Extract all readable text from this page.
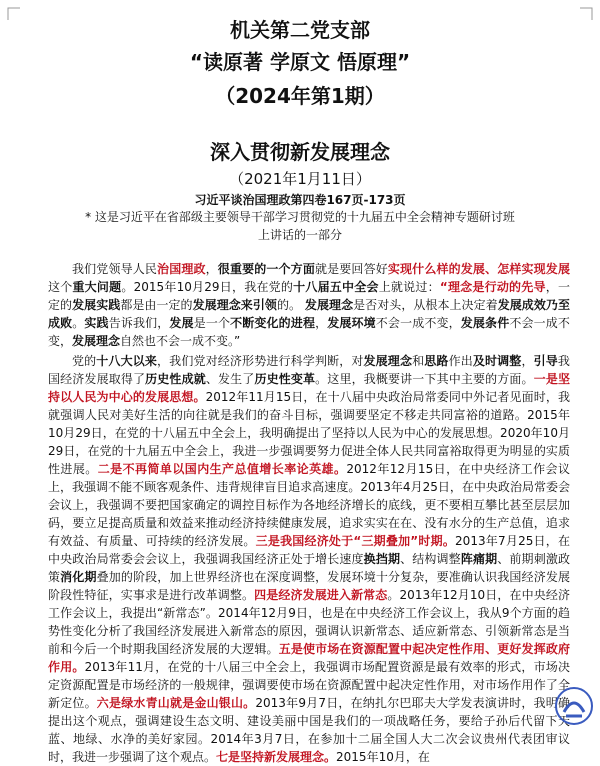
机关第二党支部
“读原著 学原文 悟原理”
（2024年第1期）
深入贯彻新发展理念
（2021年1月11日）
习近平谈治国理政第四卷167页-173页
* 这是习近平在省部级主要领导干部学习贯彻党的十九届五中全会精神专题研讨班上讲话的一部分

我们党领导人民治国理政，很重要的一个方面就是要回答好实现什么样的发展、怎样实现发展这个重大问题。2015年10月29日，我在党的十八届五中全会上就说过：“理念是行动的先导，一定的发展实践都是由一定的发展理念来引领的。 发展理念是否对头，从根本上决定着发展成效乃至成败。实践告诉我们，发展是一个不断变化的进程，发展环境不会一成不变，发展条件不会一成不变，发展理念自然也不会一成不变。”

党的十八大以来，我们党对经济形势进行科学判断，对发展理念和思路作出及时调整，引导我国经济发展取得了历史性成就、发生了历史性变革。这里，我概要讲一下其中主要的方面。一是坚持以人民为中心的发展思想。2012年11月15日，在十八届中央政治局常委同中外记者见面时，我就强调人民对美好生活的向往就是我们的奋斗目标，强调要坚定不移走共同富裕的道路。2015年10月29日，在党的十八届五中全会上，我明确提出了坚持以人民为中心的发展思想。2020年10月29日，在党的十九届五中全会上，我进一步强调要努力促进全体人民共同富裕取得更为明显的实质性进展。二是不再简单以国内生产总值增长率论英雄。2012年12月15日，在中央经济工作会议上，我强调不能不顾客观条件、违背规律盲目追求高速度。2013年4月25日，在中央政治局常委会会议上，我强调不要把国家确定的调控目标作为各地经济增长的底线，更不要相互攀比甚至层层加码，要立足提高质量和效益来推动经济持续健康发展，追求实实在在、没有水分的生产总值，追求有效益、有质量、可持续的经济发展。三是我国经济处于“三期叠加”时期。2013年7月25日，在中央政治局常委会会议上，我强调我国经济正处于增长速度换挡期、结构调整阵痛期、前期刺激政策消化期叠加的阶段，加上世界经济也在深度调整，发展环境十分复杂，要准确认识我国经济发展阶段性特征，实事求是进行改革调整。四是经济发展进入新常态。2013年12月10日，在中央经济工作会议上，我提出“新常态”。2014年12月9日，也是在中央经济工作会议上，我从9个方面的趋势性变化分析了我国经济发展进入新常态的原因，强调认识新常态、适应新常态、引领新常态是当前和今后一个时期我国经济发展的大逻辑。五是使市场在资源配置中起决定性作用、更好发挥政府作用。2013年11月，在党的十八届三中全会上，我强调市场配置资源是最有效率的形式，市场决定资源配置是市场经济的一般规律，强调要使市场在资源配置中起决定性作用，对市场作用作了全新定位。六是绿水青山就是金山银山。2013年9月7日，在纳扎尔巴耶夫大学发表演讲时，我明确提出这个观点，强调建设生态文明、建设美丽中国是我们的一项战略任务，要给子孙后代留下天蓝、地绿、水净的美好家园。2014年3月7日，在参加十二届全国人大二次会议贵州代表团审议时，我进一步强调了这个观点。七是坚持新发展理念。2015年10月，在
